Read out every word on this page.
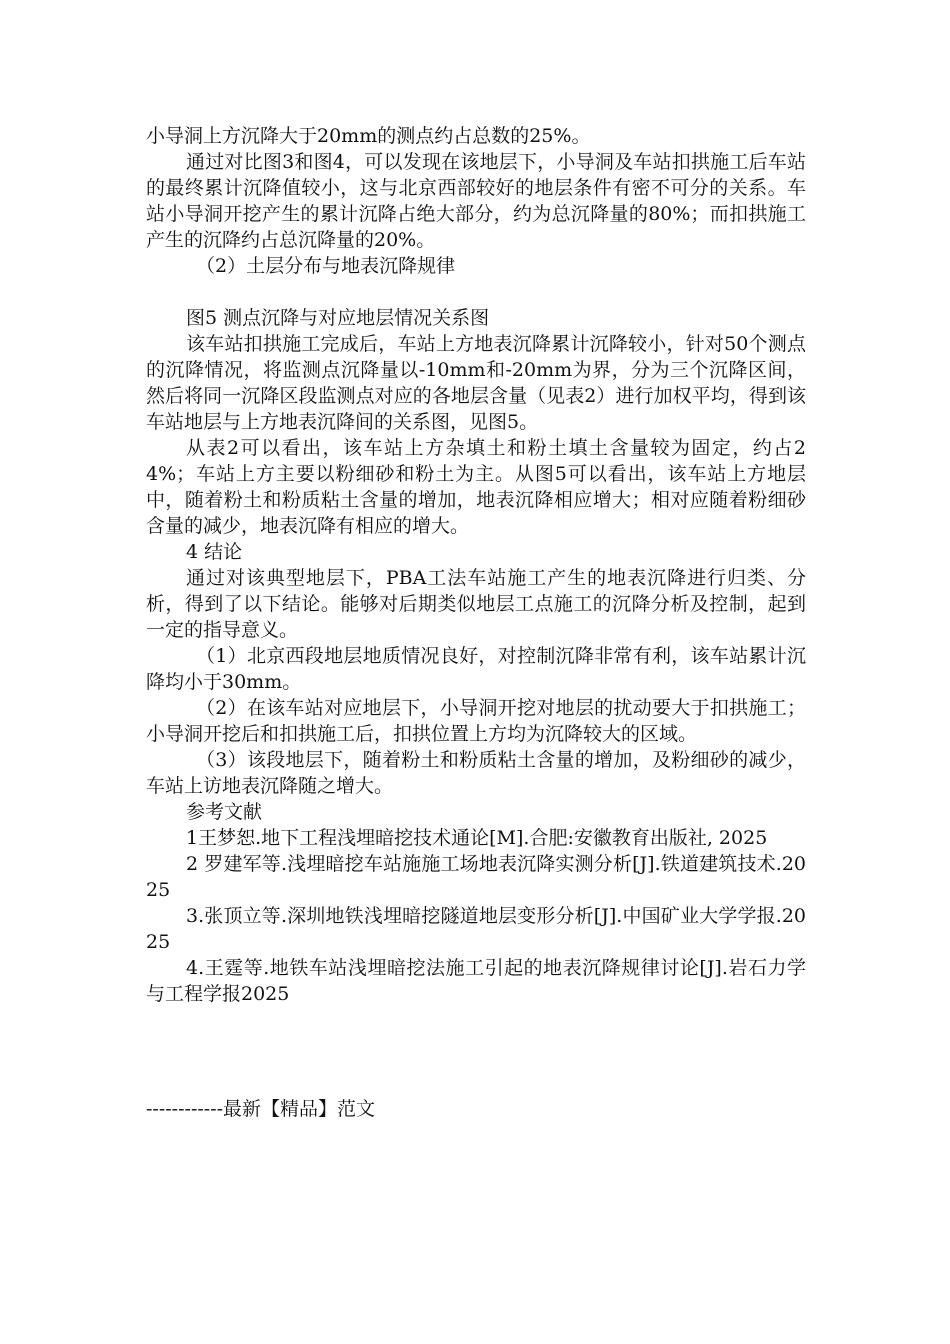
小导洞上方沉降大于20mm的测点约占总数的25%。

通过对比图3和图4，可以发现在该地层下，小导洞及车站扣拱施工后车站的最终累计沉降值较小，这与北京西部较好的地层条件有密不可分的关系。车站小导洞开挖产生的累计沉降占绝大部分，约为总沉降量的80%；而扣拱施工产生的沉降约占总沉降量的20%。

（2）土层分布与地表沉降规律

图5 测点沉降与对应地层情况关系图

该车站扣拱施工完成后，车站上方地表沉降累计沉降较小，针对50个测点的沉降情况，将监测点沉降量以-10mm和-20mm为界，分为三个沉降区间，然后将同一沉降区段监测点对应的各地层含量（见表2）进行加权平均，得到该车站地层与上方地表沉降间的关系图，见图5。

从表2可以看出，该车站上方杂填土和粉土填土含量较为固定，约占24%；车站上方主要以粉细砂和粉土为主。从图5可以看出，该车站上方地层中，随着粉土和粉质粘土含量的增加，地表沉降相应增大；相对应随着粉细砂含量的减少，地表沉降有相应的增大。

4 结论

通过对该典型地层下，PBA工法车站施工产生的地表沉降进行归类、分析，得到了以下结论。能够对后期类似地层工点施工的沉降分析及控制，起到一定的指导意义。

（1）北京西段地层地质情况良好，对控制沉降非常有利，该车站累计沉降均小于30mm。

（2）在该车站对应地层下，小导洞开挖对地层的扰动要大于扣拱施工；小导洞开挖后和扣拱施工后，扣拱位置上方均为沉降较大的区域。

（3）该段地层下，随着粉土和粉质粘土含量的增加，及粉细砂的减少，车站上访地表沉降随之增大。

参考文献

1王梦恕.地下工程浅埋暗挖技术通论[M].合肥:安徽教育出版社, 2025

2 罗建军等.浅埋暗挖车站施施工场地表沉降实测分析[J].铁道建筑技术.2025

3.张顶立等.深圳地铁浅埋暗挖隧道地层变形分析[J].中国矿业大学学报.2025

4.王霆等.地铁车站浅埋暗挖法施工引起的地表沉降规律讨论[J].岩石力学与工程学报2025

------------最新【精品】范文
